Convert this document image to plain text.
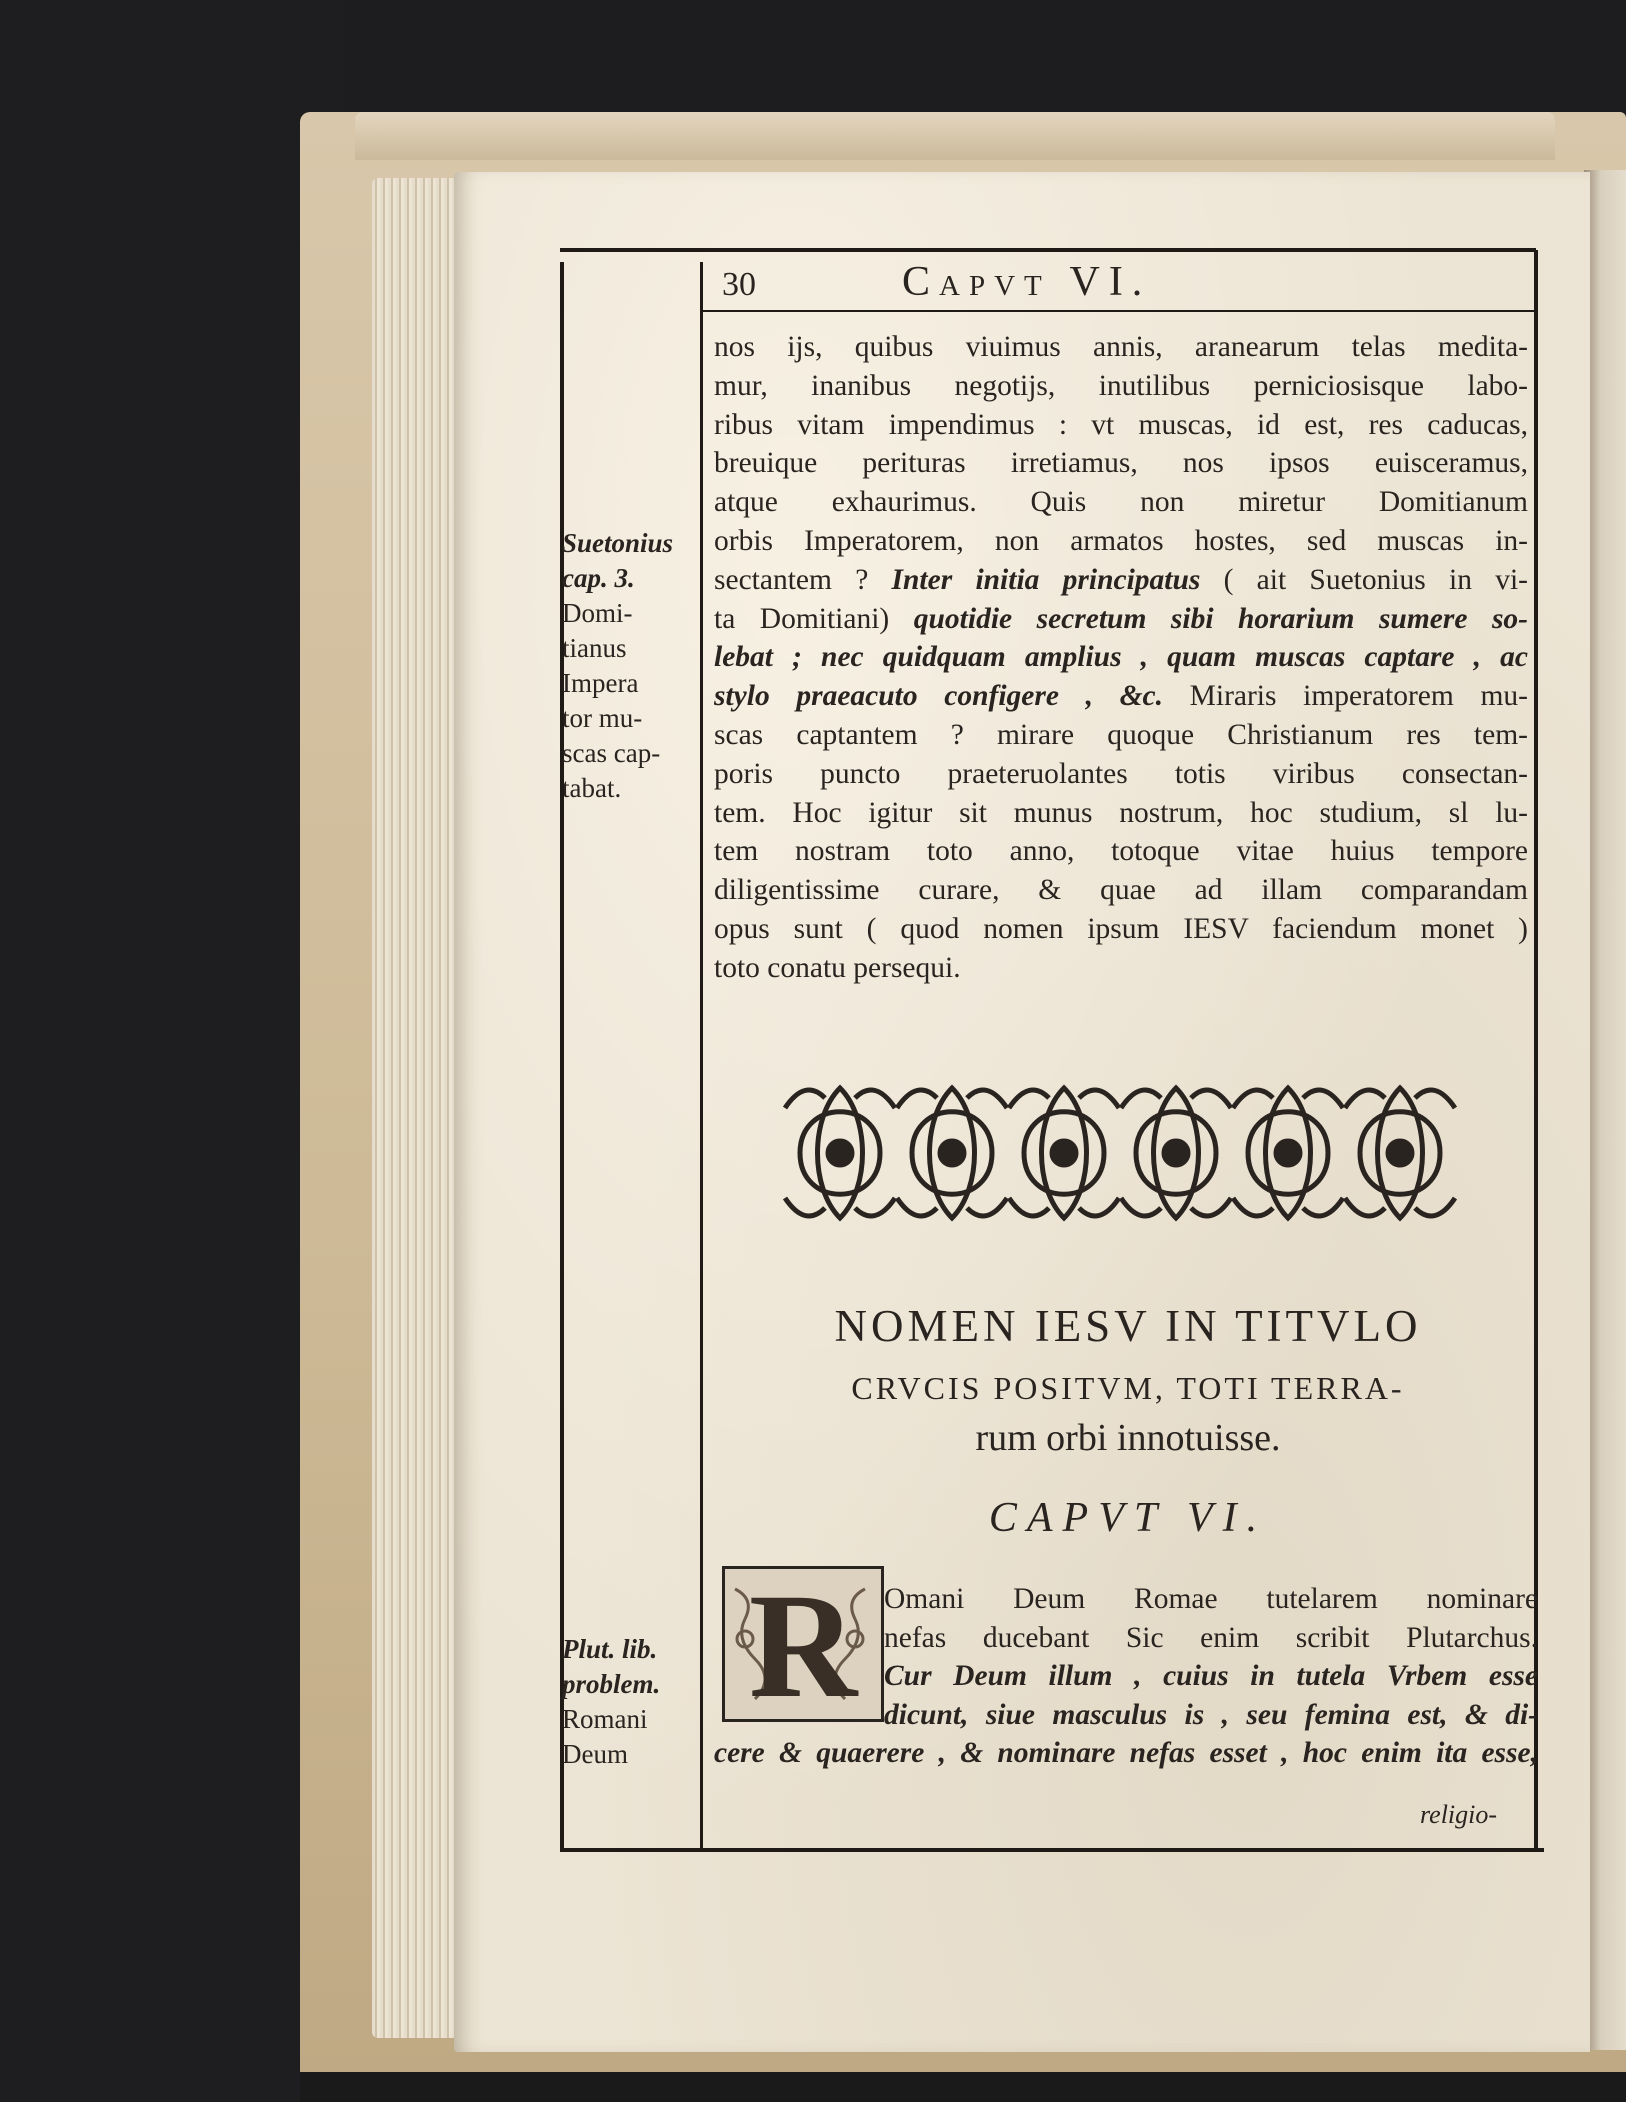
30	Capvt VI.
nos ijs, quibus viuimus annis, aranearum telas medita-
mur, inanibus negotijs, inutilibus perniciosisque labo-
ribus vitam impendimus : vt muscas, id est, res caducas,
breuique perituras irretiamus, nos ipsos euisceramus,
atque exhaurimus. Quis non miretur Domitianum
orbis Imperatorem, non armatos hostes, sed muscas in-
sectantem ? Inter initia principatus ( ait Suetonius in vi-
ta Domitiani) quotidie secretum sibi horarium sumere so-
lebat ; nec quidquam amplius , quam muscas captare , ac
stylo praeacuto configere , &c. Miraris imperatorem mu-
scas captantem ? mirare quoque Christianum res tem-
poris puncto praeteruolantes totis viribus consectan-
tem. Hoc igitur sit munus nostrum, hoc studium, sl lu-
tem nostram toto anno, totoque vitae huius tempore
diligentissime curare, & quae ad illam comparandam
opus sunt ( quod nomen ipsum IESV faciendum monet )
toto conatu persequi.
Suetonius
cap. 3.
Domi-
tianus
Impera
tor mu-
scas cap-
tabat.
NOMEN IESV IN TITVLO
CRVCIS POSITVM, TOTI TERRA-
rum orbi innotuisse.
CAPVT VI.
R Omani Deum Romae tutelarem nominare
nefas ducebant Sic enim scribit Plutarchus.
Cur Deum illum , cuius in tutela Vrbem esse
dicunt, siue masculus is , seu femina est, & di-
cere & quaerere , & nominare nefas esset , hoc enim ita esse,
Plut. lib.
problem.
Romani
Deum
religio-
